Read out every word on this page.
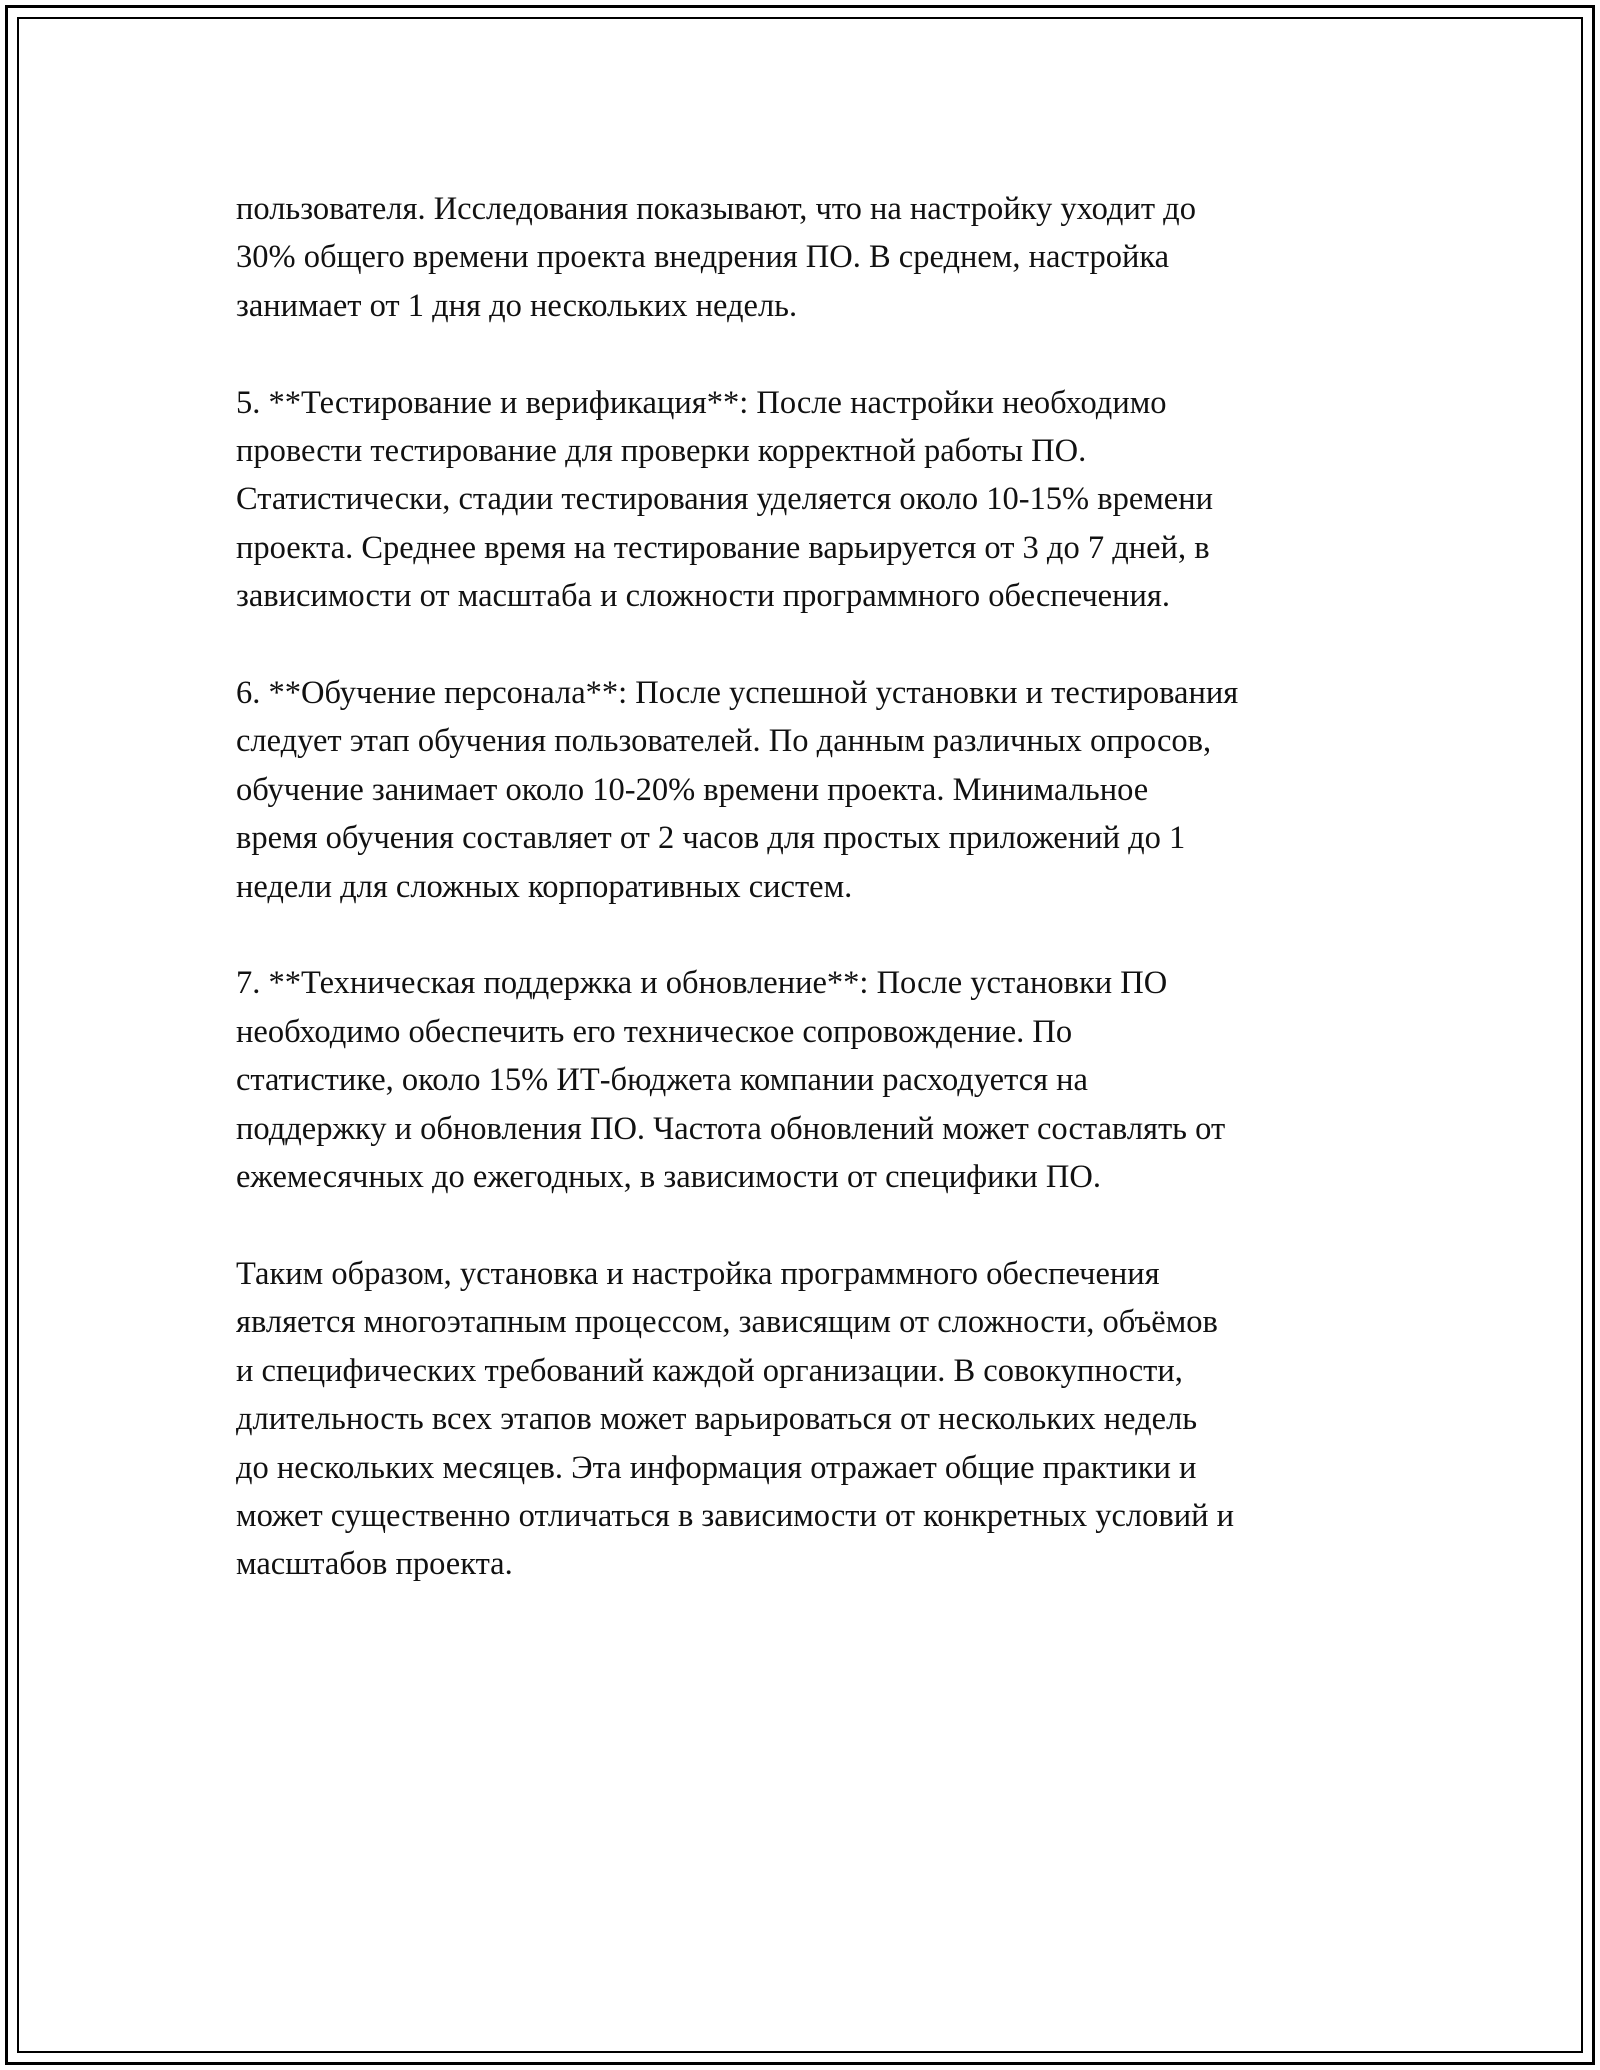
пользователя. Исследования показывают, что на настройку уходит до
30% общего времени проекта внедрения ПО. В среднем, настройка
занимает от 1 дня до нескольких недель.

5. **Тестирование и верификация**: После настройки необходимо
провести тестирование для проверки корректной работы ПО.
Статистически, стадии тестирования уделяется около 10-15% времени
проекта. Среднее время на тестирование варьируется от 3 до 7 дней, в
зависимости от масштаба и сложности программного обеспечения.

6. **Обучение персонала**: После успешной установки и тестирования
следует этап обучения пользователей. По данным различных опросов,
обучение занимает около 10-20% времени проекта. Минимальное
время обучения составляет от 2 часов для простых приложений до 1
недели для сложных корпоративных систем.

7. **Техническая поддержка и обновление**: После установки ПО
необходимо обеспечить его техническое сопровождение. По
статистике, около 15% ИТ-бюджета компании расходуется на
поддержку и обновления ПО. Частота обновлений может составлять от
ежемесячных до ежегодных, в зависимости от специфики ПО.

Таким образом, установка и настройка программного обеспечения
является многоэтапным процессом, зависящим от сложности, объёмов
и специфических требований каждой организации. В совокупности,
длительность всех этапов может варьироваться от нескольких недель
до нескольких месяцев. Эта информация отражает общие практики и
может существенно отличаться в зависимости от конкретных условий и
масштабов проекта.
